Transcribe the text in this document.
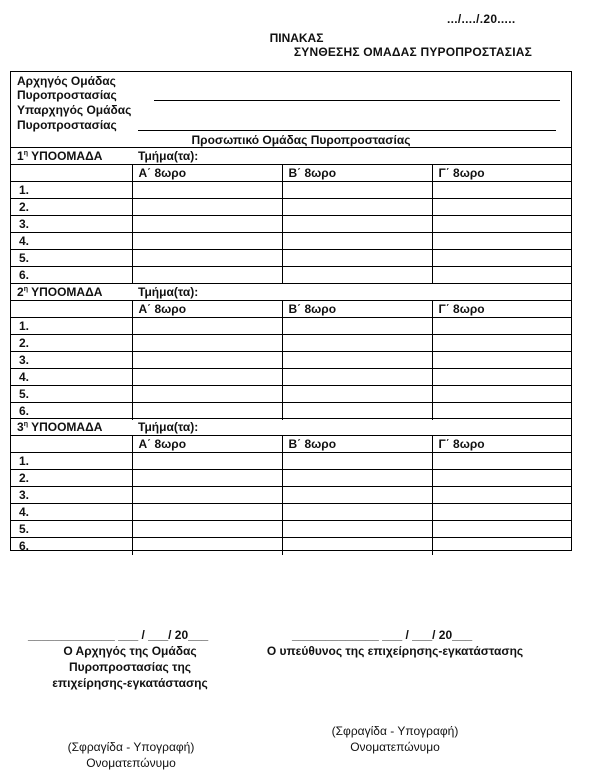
.../..../.20.....
ΠΙΝΑΚΑΣ
ΣΥΝΘΕΣΗΣ ΟΜΑΔΑΣ ΠΥΡΟΠΡΟΣΤΑΣΙΑΣ
Αρχηγός Ομάδας
Πυροπροστασίας
Υπαρχηγός Ομάδας
Πυροπροστασίας
Προσωπικό Ομάδας Πυροπροστασίας
$1^\eta$ ΥΠΟΟΜΑΔΑ	Τμήμα(τα):		
	Α΄ 8ωρο	Β΄ 8ωρο	Γ΄ 8ωρο
1.			
2.			
3.			
4.			
5.			
6.			
$2^\eta$ ΥΠΟΟΜΑΔΑ	Τμήμα(τα):		
	Α΄ 8ωρο	Β΄ 8ωρο	Γ΄ 8ωρο
1.			
2.			
3.			
4.			
5.			
6.			
$3^\eta$ ΥΠΟΟΜΑΔΑ	Τμήμα(τα):		
	Α΄ 8ωρο	Β΄ 8ωρο	Γ΄ 8ωρο
1.			
2.			
3.			
4.			
5.			
6.			
_____________ ___ / ___/ 20___
Ο Αρχηγός της Ομάδας
Πυροπροστασίας της
επιχείρησης-εγκατάστασης
_____________ ___ / ___/ 20___
Ο υπεύθυνος της επιχείρησης-εγκατάστασης
(Σφραγίδα - Υπογραφή)
Ονοματεπώνυμο
(Σφραγίδα - Υπογραφή)
Ονοματεπώνυμο
